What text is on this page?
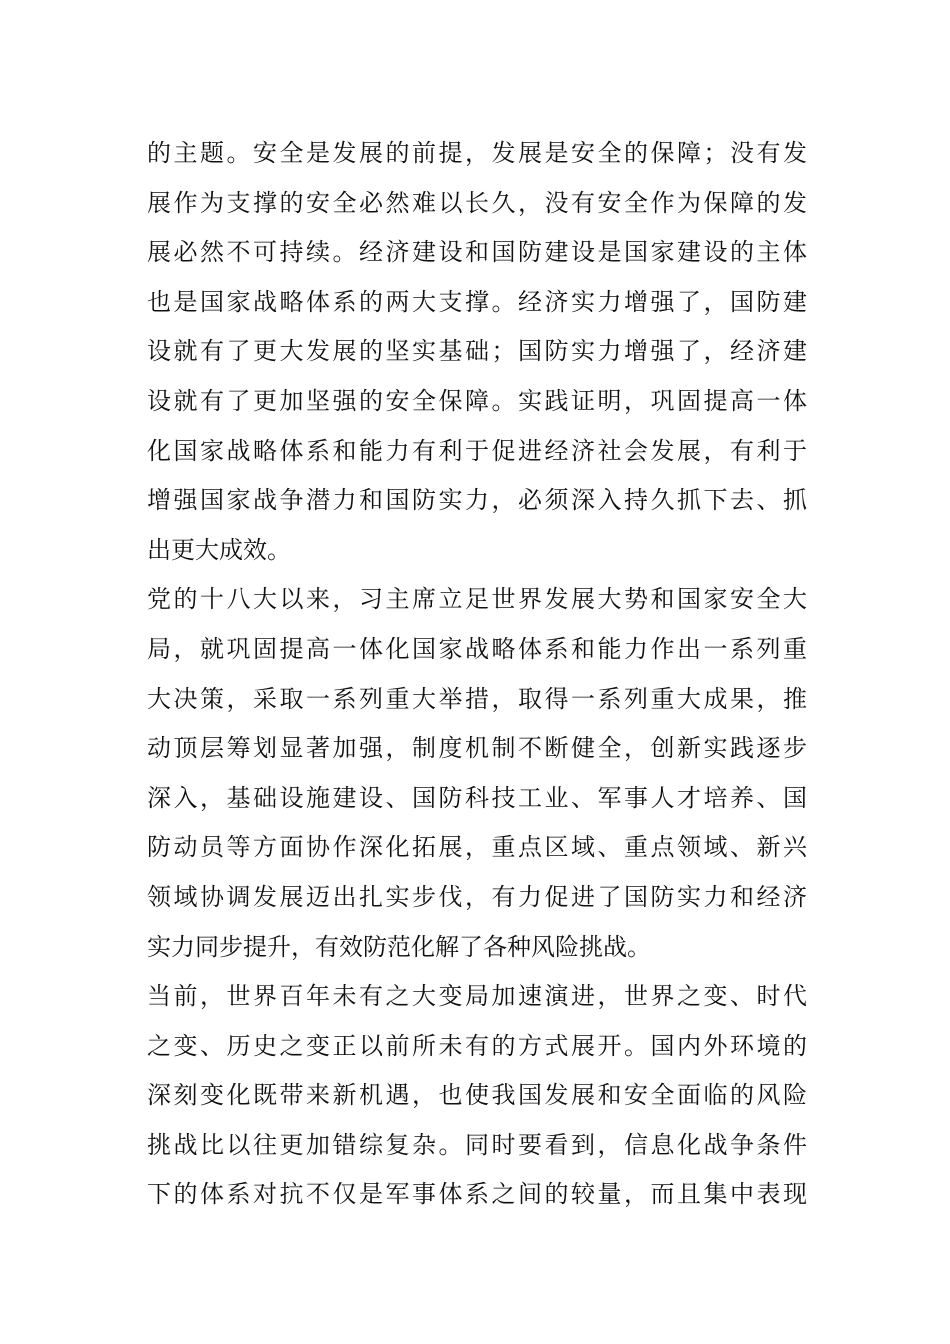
的主题。安全是发展的前提，发展是安全的保障；没有发
展作为支撑的安全必然难以长久，没有安全作为保障的发
展必然不可持续。经济建设和国防建设是国家建设的主体
也是国家战略体系的两大支撑。经济实力增强了，国防建
设就有了更大发展的坚实基础；国防实力增强了，经济建
设就有了更加坚强的安全保障。实践证明，巩固提高一体
化国家战略体系和能力有利于促进经济社会发展，有利于
增强国家战争潜力和国防实力，必须深入持久抓下去、抓
出更大成效。
党的十八大以来，习主席立足世界发展大势和国家安全大
局，就巩固提高一体化国家战略体系和能力作出一系列重
大决策，采取一系列重大举措，取得一系列重大成果，推
动顶层筹划显著加强，制度机制不断健全，创新实践逐步
深入，基础设施建设、国防科技工业、军事人才培养、国
防动员等方面协作深化拓展，重点区域、重点领域、新兴
领域协调发展迈出扎实步伐，有力促进了国防实力和经济
实力同步提升，有效防范化解了各种风险挑战。
当前，世界百年未有之大变局加速演进，世界之变、时代
之变、历史之变正以前所未有的方式展开。国内外环境的
深刻变化既带来新机遇，也使我国发展和安全面临的风险
挑战比以往更加错综复杂。同时要看到，信息化战争条件
下的体系对抗不仅是军事体系之间的较量，而且集中表现
